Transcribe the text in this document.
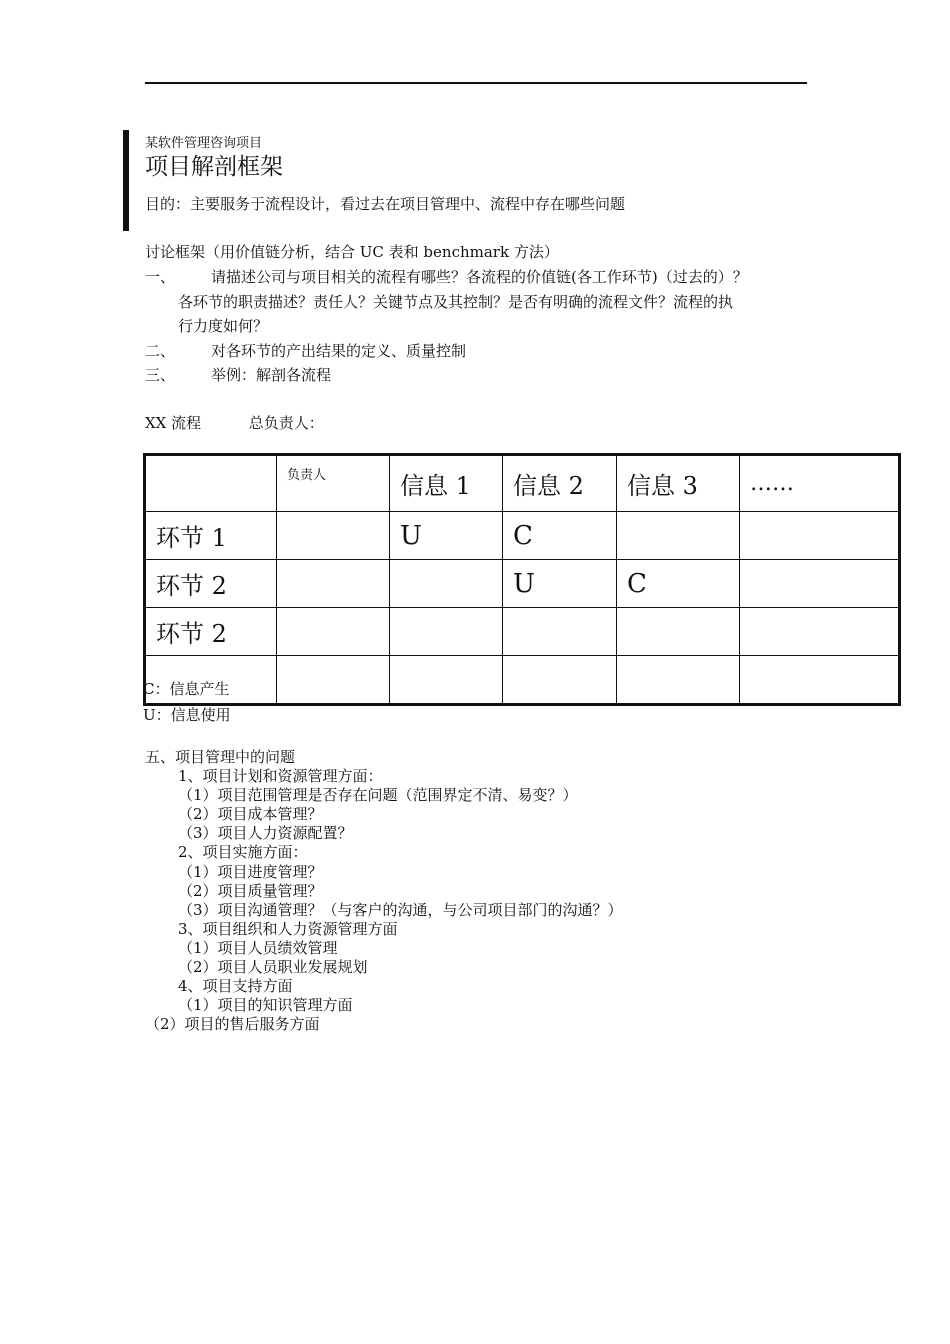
某软件管理咨询项目
项目解剖框架
目的：主要服务于流程设计，看过去在项目管理中、流程中存在哪些问题
讨论框架（用价值链分析，结合 UC 表和 benchmark 方法）
一、 请描述公司与项目相关的流程有哪些？各流程的价值链(各工作环节)（过去的）？
各环节的职责描述？责任人？关键节点及其控制？是否有明确的流程文件？流程的执
行力度如何？
二、 对各环节的产出结果的定义、质量控制
三、 举例：解剖各流程
XX 流程	总负责人：
	负责人	信息 1	信息 2	信息 3	……
环节 1		U	C		
环节 2			U	C	
环节 2					

C：信息产生
U：信息使用
五、项目管理中的问题
1、项目计划和资源管理方面：
（1）项目范围管理是否存在问题（范围界定不清、易变？）
（2）项目成本管理？
（3）项目人力资源配置？
2、项目实施方面：
（1）项目进度管理？
（2）项目质量管理？
（3）项目沟通管理？（与客户的沟通，与公司项目部门的沟通？）
3、项目组织和人力资源管理方面
（1）项目人员绩效管理
（2）项目人员职业发展规划
4、项目支持方面
（1）项目的知识管理方面
（2）项目的售后服务方面
